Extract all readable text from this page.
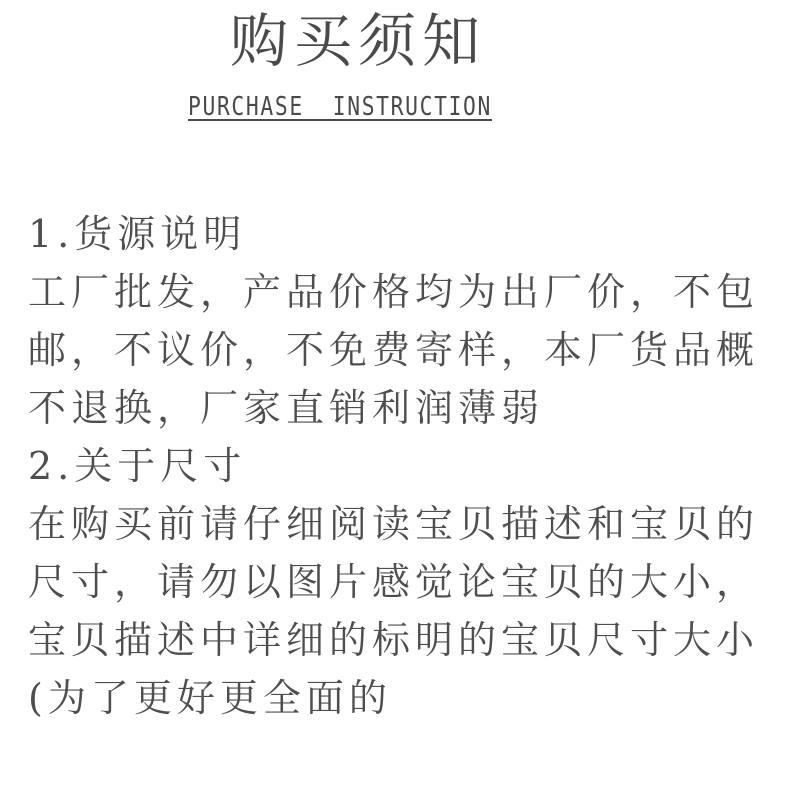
购买须知
PURCHASE  INSTRUCTION

1.货源说明

工厂批发，产品价格均为出厂价，不包邮，不议价，不免费寄样，本厂货品概不退换，厂家直销利润薄弱

2.关于尺寸

在购买前请仔细阅读宝贝描述和宝贝的尺寸，请勿以图片感觉论宝贝的大小，宝贝描述中详细的标明的宝贝尺寸大小(为了更好更全面的
